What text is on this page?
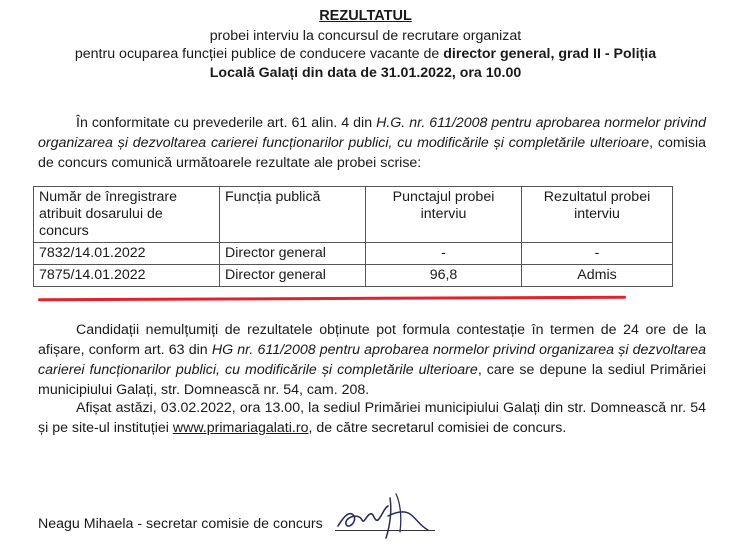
REZULTATUL
probei interviu la concursul de recrutare organizat
pentru ocuparea funcției publice de conducere vacante de director general, grad II - Poliția
Locală Galați din data de 31.01.2022, ora 10.00
În conformitate cu prevederile art. 61 alin. 4 din H.G. nr. 611/2008 pentru aprobarea normelor privind organizarea și dezvoltarea carierei funcționarilor publici, cu modificările și completările ulterioare, comisia de concurs comunică următoarele rezultate ale probei scrise:
Număr de înregistrare atribuit dosarului de concurs	Funcția publică	Punctajul probei interviu	Rezultatul probei interviu
7832/14.01.2022	Director general	-	-
7875/14.01.2022	Director general	96,8	Admis
Candidații nemulțumiți de rezultatele obținute pot formula contestație în termen de 24 ore de la afișare, conform art. 63 din HG nr. 611/2008 pentru aprobarea normelor privind organizarea și dezvoltarea carierei funcționarilor publici, cu modificările și completările ulterioare, care se depune la sediul Primăriei municipiului Galați, str. Domnească nr. 54, cam. 208.
Afișat astăzi, 03.02.2022, ora 13.00, la sediul Primăriei municipiului Galați din str. Domnească nr. 54 și pe site-ul instituției www.primariagalati.ro, de către secretarul comisiei de concurs.
Neagu Mihaela - secretar comisie de concurs
